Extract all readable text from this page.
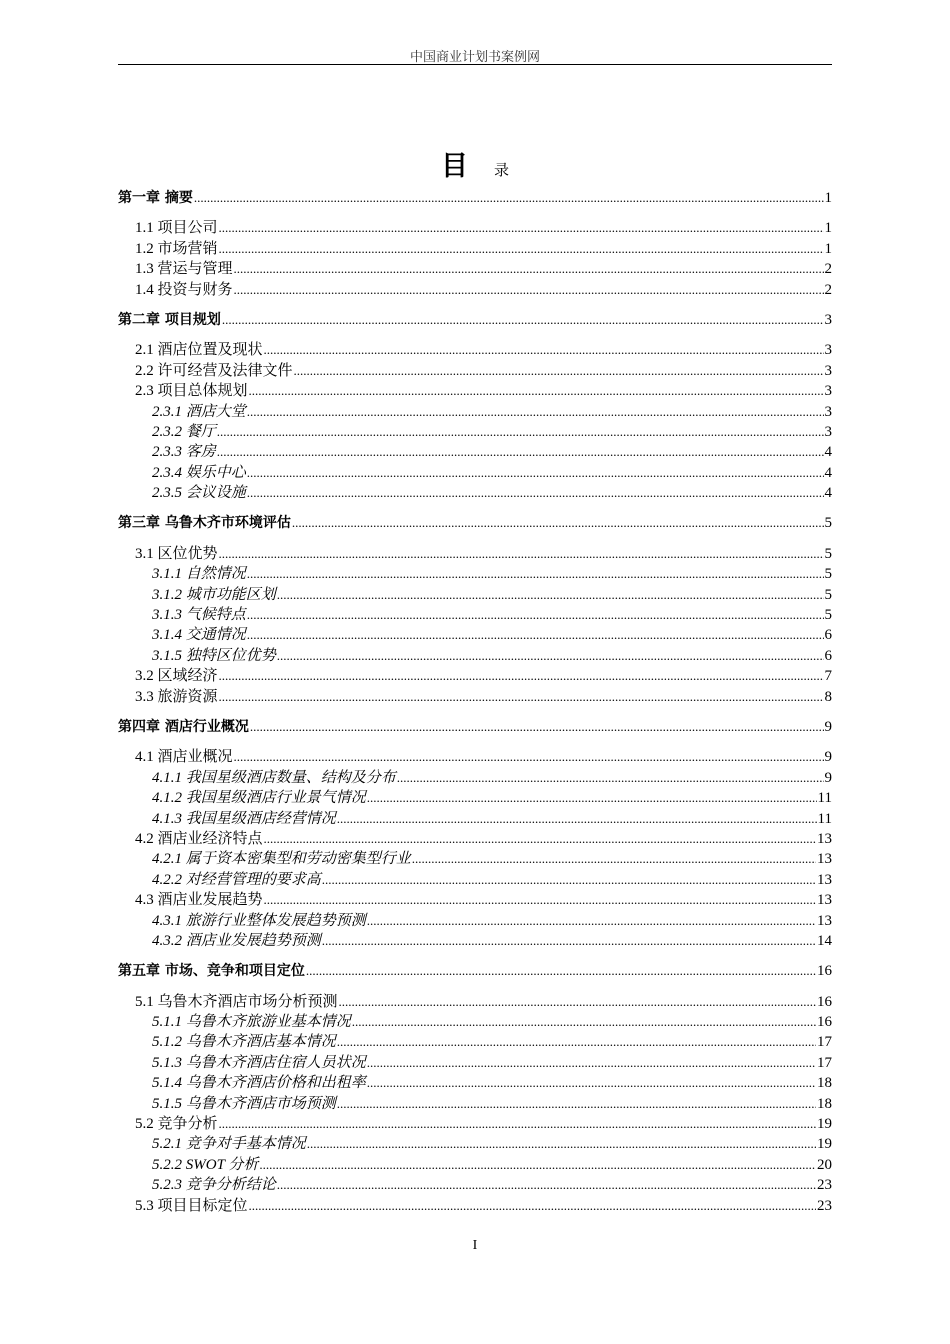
中国商业计划书案例网
目 录
第一章 摘要 .....	1
1.1 项目公司 .....	1
1.2 市场营销 .....	1
1.3 营运与管理 .....	2
1.4 投资与财务 .....	2
第二章 项目规划 .....	3
2.1 酒店位置及现状 .....	3
2.2 许可经营及法律文件 .....	3
2.3 项目总体规划 .....	3
2.3.1 酒店大堂 .....	3
2.3.2 餐厅 .....	3
2.3.3 客房 .....	4
2.3.4 娱乐中心 .....	4
2.3.5 会议设施 .....	4
第三章 乌鲁木齐市环境评估 .....	5
3.1 区位优势 .....	5
3.1.1 自然情况 .....	5
3.1.2 城市功能区划 .....	5
3.1.3 气候特点 .....	5
3.1.4 交通情况 .....	6
3.1.5 独特区位优势 .....	6
3.2 区域经济 .....	7
3.3 旅游资源 .....	8
第四章 酒店行业概况 .....	9
4.1 酒店业概况 .....	9
4.1.1 我国星级酒店数量、结构及分布 .....	9
4.1.2 我国星级酒店行业景气情况 .....	11
4.1.3 我国星级酒店经营情况 .....	11
4.2 酒店业经济特点 .....	13
4.2.1 属于资本密集型和劳动密集型行业 .....	13
4.2.2 对经营管理的要求高 .....	13
4.3 酒店业发展趋势 .....	13
4.3.1 旅游行业整体发展趋势预测 .....	13
4.3.2 酒店业发展趋势预测 .....	14
第五章 市场、竞争和项目定位 .....	16
5.1 乌鲁木齐酒店市场分析预测 .....	16
5.1.1 乌鲁木齐旅游业基本情况 .....	16
5.1.2 乌鲁木齐酒店基本情况 .....	17
5.1.3 乌鲁木齐酒店住宿人员状况 .....	17
5.1.4 乌鲁木齐酒店价格和出租率 .....	18
5.1.5 乌鲁木齐酒店市场预测 .....	18
5.2 竞争分析 .....	19
5.2.1 竞争对手基本情况 .....	19
5.2.2 SWOT 分析 .....	20
5.2.3 竞争分析结论 .....	23
5.3 项目目标定位 .....	23
I
